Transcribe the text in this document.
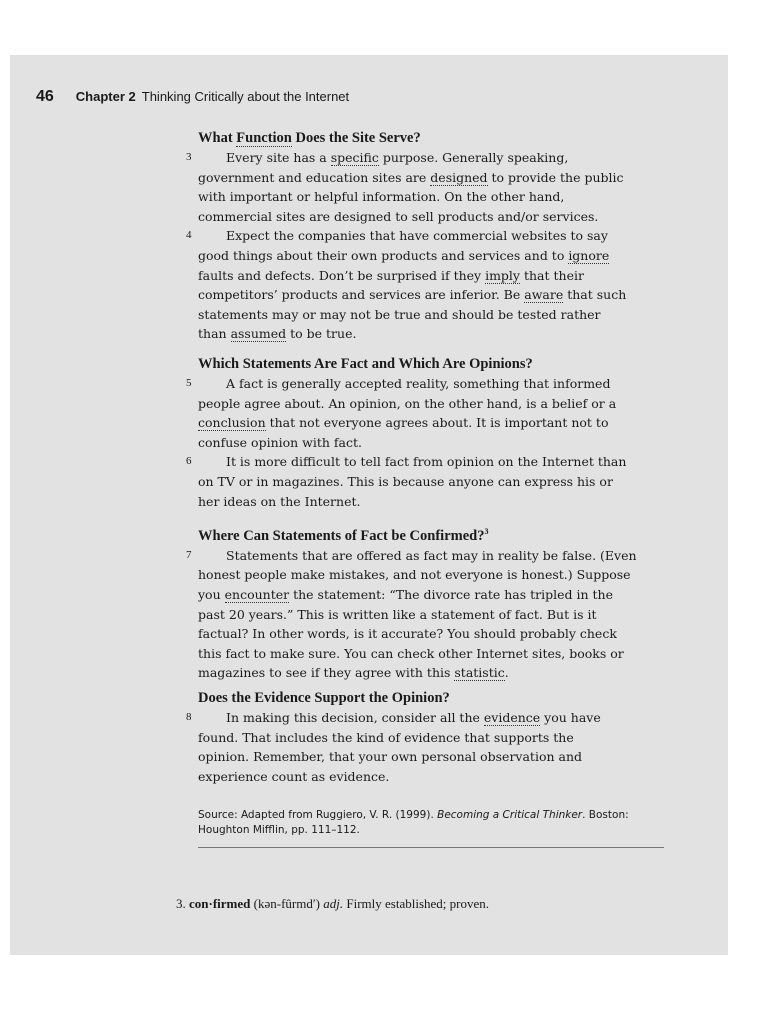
46 Chapter 2 Thinking Critically about the Internet

What Function Does the Site Serve?

3	Every site has a specific purpose. Generally speaking,

government and education sites are designed to provide the public

with important or helpful information. On the other hand,

commercial sites are designed to sell products and/or services.

4	Expect the companies that have commercial websites to say

good things about their own products and services and to ignore

faults and defects. Don’t be surprised if they imply that their

competitors’ products and services are inferior. Be aware that such

statements may or may not be true and should be tested rather

than assumed to be true.

Which Statements Are Fact and Which Are Opinions?

5	A fact is generally accepted reality, something that informed

people agree about. An opinion, on the other hand, is a belief or a

conclusion that not everyone agrees about. It is important not to

confuse opinion with fact.

6	It is more difficult to tell fact from opinion on the Internet than

on TV or in magazines. This is because anyone can express his or

her ideas on the Internet.

Where Can Statements of Fact be Confirmed?$^3$

7	Statements that are offered as fact may in reality be false. (Even

honest people make mistakes, and not everyone is honest.) Suppose

you encounter the statement: “The divorce rate has tripled in the

past 20 years.” This is written like a statement of fact. But is it

factual? In other words, is it accurate? You should probably check

this fact to make sure. You can check other Internet sites, books or

magazines to see if they agree with this statistic.

Does the Evidence Support the Opinion?

8	In making this decision, consider all the evidence you have

found. That includes the kind of evidence that supports the

opinion. Remember, that your own personal observation and

experience count as evidence.

Source: Adapted from Ruggiero, V. R. (1999). Becoming a Critical Thinker. Boston:
Houghton Mifflin, pp. 111–112.
3. con·firmed (kən-fûrmd′) adj. Firmly established; proven.
